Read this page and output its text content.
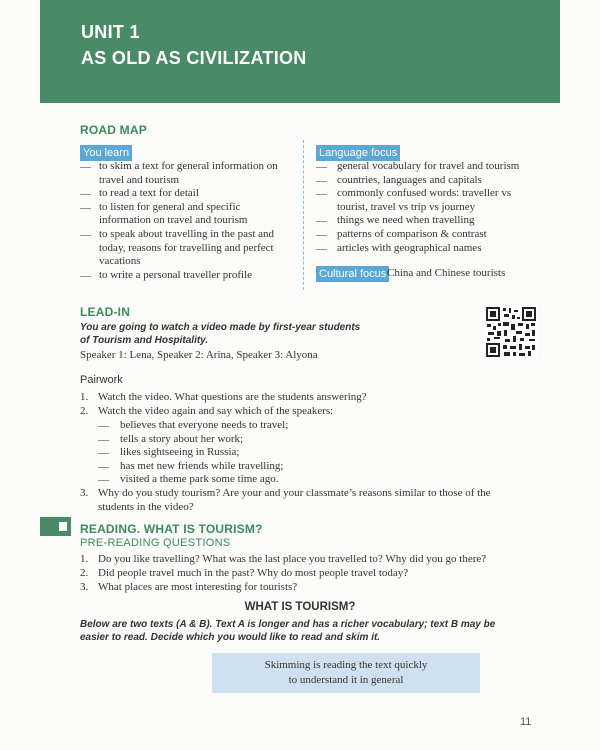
UNIT 1
AS OLD AS CIVILIZATION
ROAD MAP
You learn
— to skim a text for general information on
travel and tourism
— to read a text for detail
— to listen for general and specific
information on travel and tourism
— to speak about travelling in the past and
today, reasons for travelling and perfect
vacations
— to write a personal traveller profile
Language focus
— general vocabulary for travel and tourism
— countries, languages and capitals
— commonly confused words: traveller vs
tourist, travel vs trip vs journey
— things we need when travelling
— patterns of comparison & contrast
— articles with geographical names
Cultural focus China and Chinese tourists
LEAD-IN
You are going to watch a video made by first-year students
of Tourism and Hospitality.
Speaker 1: Lena, Speaker 2: Arina, Speaker 3: Alyona
Pairwork
1. Watch the video. What questions are the students answering?
2. Watch the video again and say which of the speakers:
— believes that everyone needs to travel;
— tells a story about her work;
— likes sightseeing in Russia;
— has met new friends while travelling;
— visited a theme park some time ago.
3. Why do you study tourism? Are your and your classmate’s reasons similar to those of the
students in the video?
READING. WHAT IS TOURISM?
PRE-READING QUESTIONS
1. Do you like travelling? What was the last place you travelled to? Why did you go there?
2. Did people travel much in the past? Why do most people travel today?
3. What places are most interesting for tourists?
WHAT IS TOURISM?
Below are two texts (A & B). Text A is longer and has a richer vocabulary; text B may be
easier to read. Decide which you would like to read and skim it.
Skimming is reading the text quickly
to understand it in general
11
